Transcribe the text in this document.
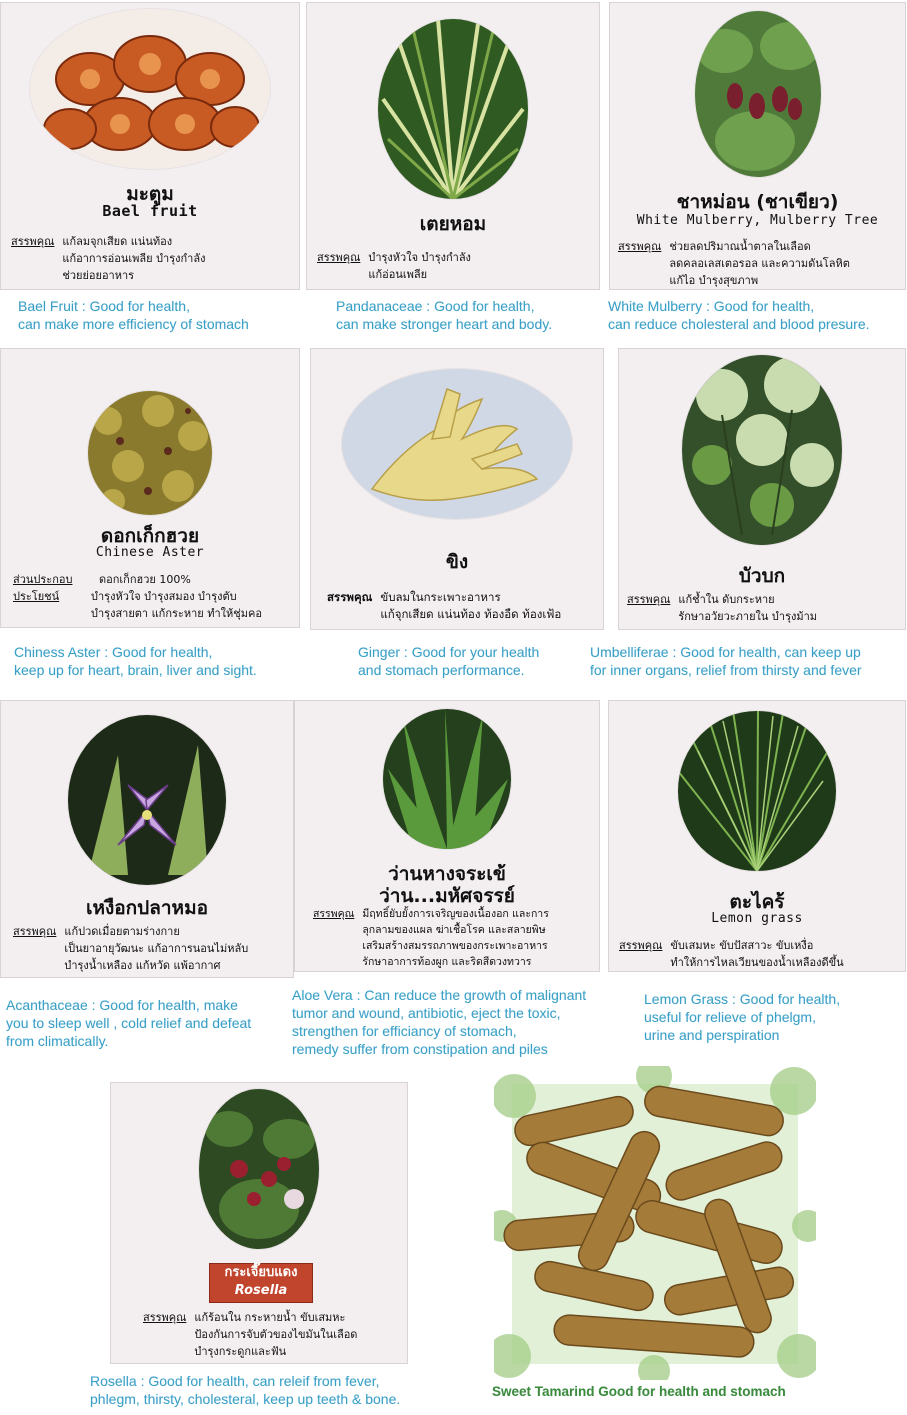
มะตูม
Bael fruit
สรรพคุณ แก้ลมจุกเสียด แน่นท้อง
แก้อาการอ่อนเพลีย บำรุงกำลัง
ช่วยย่อยอาหาร
Bael Fruit : Good for health,
can make more efficiency of stomach
เตยหอม
สรรพคุณ บำรุงหัวใจ บำรุงกำลัง
แก้อ่อนเพลีย
Pandanaceae : Good for health,
can make stronger heart and body.
ชาหม่อน (ชาเขียว)
White Mulberry, Mulberry Tree
สรรพคุณ ช่วยลดปริมาณน้ำตาลในเลือด
ลดคลอเลสเตอรอล และความดันโลหิต
แก้ไอ บำรุงสุขภาพ
White Mulberry : Good for health,
can reduce cholesteral and blood presure.
ดอกเก็กฮวย
Chinese Aster
ส่วนประกอบ	ดอกเก็กฮวย 100%
ประโยชน์	บำรุงหัวใจ บำรุงสมอง บำรุงตับ
บำรุงสายตา แก้กระหาย ทำให้ชุ่มคอ
Chiness Aster : Good for health,
keep up for heart, brain, liver and sight.
ขิง
สรรพคุณ ขับลมในกระเพาะอาหาร
แก้จุกเสียด แน่นท้อง ท้องอืด ท้องเฟ้อ
Ginger : Good for your health
and stomach performance.
บัวบก
สรรพคุณ แก้ช้ำใน ดับกระหาย
รักษาอวัยวะภายใน บำรุงม้าม
Umbelliferae : Good for health, can keep up
for inner organs, relief from thirsty and fever
เหงือกปลาหมอ
สรรพคุณ แก้ปวดเมื่อยตามร่างกาย
เป็นยาอายุวัฒนะ แก้อาการนอนไม่หลับ
บำรุงน้ำเหลือง แก้หวัด แพ้อากาศ
Acanthaceae : Good for health, make
you to sleep well , cold relief and defeat
from climatically.
ว่านหางจระเข้
ว่าน...มหัศจรรย์
สรรพคุณ มีฤทธิ์ยับยั้งการเจริญของเนื้องอก และการ
ลุกลามของแผล ฆ่าเชื้อโรค และสลายพิษ
เสริมสร้างสมรรถภาพของกระเพาะอาหาร
รักษาอาการท้องผูก และริดสีดวงทวาร
Aloe Vera : Can reduce the growth of malignant
tumor and wound, antibiotic, eject the toxic,
strengthen for efficiancy of stomach,
remedy suffer from constipation and piles
ตะไคร้
Lemon grass
สรรพคุณ ขับเสมหะ ขับปัสสาวะ ขับเหงื่อ
ทำให้การไหลเวียนของน้ำเหลืองดีขึ้น
Lemon Grass : Good for health,
useful for relieve of phelgm,
urine and perspiration
กระเจี๊ยบแดง
Rosella
สรรพคุณ แก้ร้อนใน กระหายน้ำ ขับเสมหะ
ป้องกันการจับตัวของไขมันในเลือด
บำรุงกระดูกและฟัน
Rosella : Good for health, can releif from fever,
phlegm, thirsty, cholesteral, keep up teeth & bone.	Sweet Tamarind Good for health and stomach
